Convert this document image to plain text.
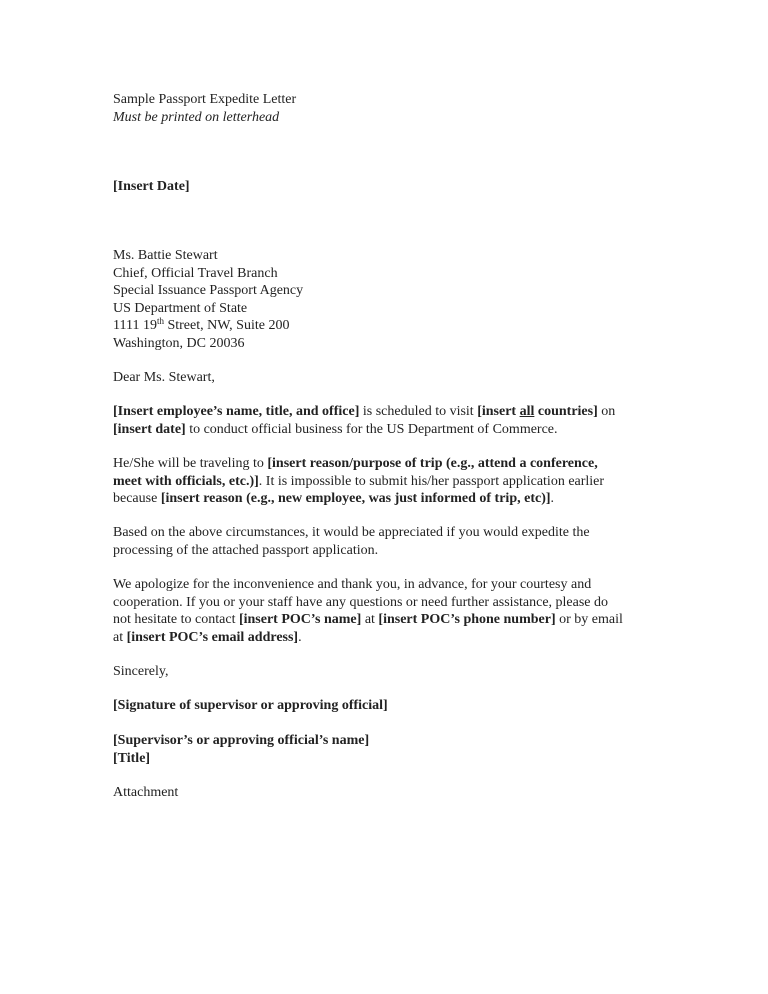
Sample Passport Expedite Letter
Must be printed on letterhead
[Insert Date]
Ms. Battie Stewart
Chief, Official Travel Branch
Special Issuance Passport Agency
US Department of State
1111 19th Street, NW, Suite 200
Washington, DC 20036
Dear Ms. Stewart,
[Insert employee’s name, title, and office] is scheduled to visit [insert all countries] on
[insert date] to conduct official business for the US Department of Commerce.
He/She will be traveling to [insert reason/purpose of trip (e.g., attend a conference,
meet with officials, etc.)]. It is impossible to submit his/her passport application earlier
because [insert reason (e.g., new employee, was just informed of trip, etc)].
Based on the above circumstances, it would be appreciated if you would expedite the
processing of the attached passport application.
We apologize for the inconvenience and thank you, in advance, for your courtesy and
cooperation. If you or your staff have any questions or need further assistance, please do
not hesitate to contact [insert POC’s name] at [insert POC’s phone number] or by email
at [insert POC’s email address].
Sincerely,
[Signature of supervisor or approving official]
[Supervisor’s or approving official’s name]
[Title]
Attachment
